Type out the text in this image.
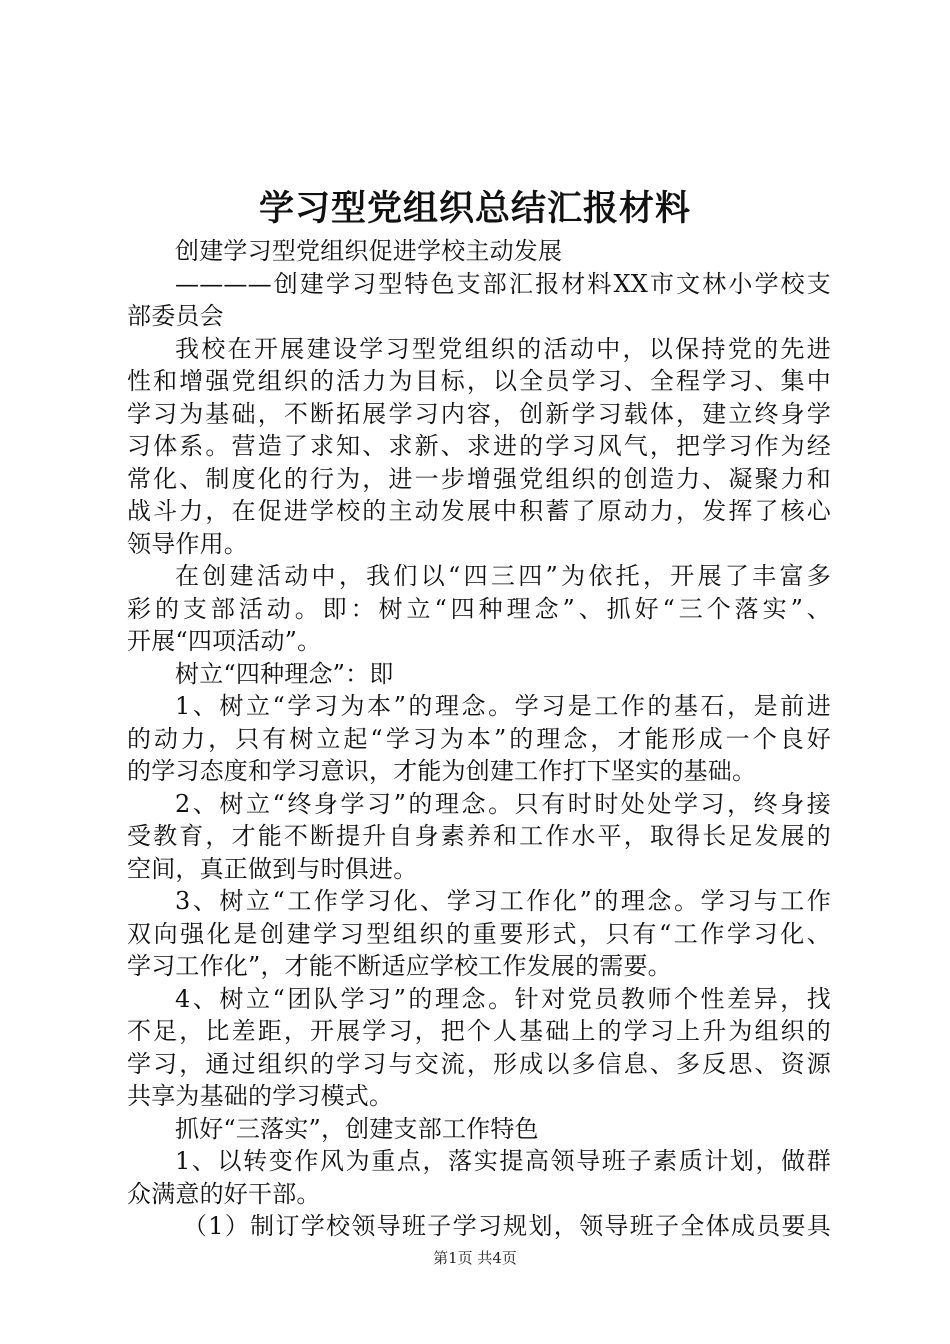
学习型党组织总结汇报材料
创建学习型党组织促进学校主动发展
————创建学习型特色支部汇报材料XX市文林小学校支
部委员会
我校在开展建设学习型党组织的活动中，以保持党的先进
性和增强党组织的活力为目标，以全员学习、全程学习、集中
学习为基础，不断拓展学习内容，创新学习载体，建立终身学
习体系。营造了求知、求新、求进的学习风气，把学习作为经
常化、制度化的行为，进一步增强党组织的创造力、凝聚力和
战斗力，在促进学校的主动发展中积蓄了原动力，发挥了核心
领导作用。
在创建活动中，我们以“四三四”为依托，开展了丰富多
彩的支部活动。即：树立“四种理念”、抓好“三个落实”、
开展“四项活动”。
树立“四种理念”：即
1、树立“学习为本”的理念。学习是工作的基石，是前进
的动力，只有树立起“学习为本”的理念，才能形成一个良好
的学习态度和学习意识，才能为创建工作打下坚实的基础。
2、树立“终身学习”的理念。只有时时处处学习，终身接
受教育，才能不断提升自身素养和工作水平，取得长足发展的
空间，真正做到与时俱进。
3、树立“工作学习化、学习工作化”的理念。学习与工作
双向强化是创建学习型组织的重要形式，只有“工作学习化、
学习工作化”，才能不断适应学校工作发展的需要。
4、树立“团队学习”的理念。针对党员教师个性差异，找
不足，比差距，开展学习，把个人基础上的学习上升为组织的
学习，通过组织的学习与交流，形成以多信息、多反思、资源
共享为基础的学习模式。
抓好“三落实”，创建支部工作特色
1、以转变作风为重点，落实提高领导班子素质计划，做群
众满意的好干部。
（1）制订学校领导班子学习规划，领导班子全体成员要具
第1页 共4页
